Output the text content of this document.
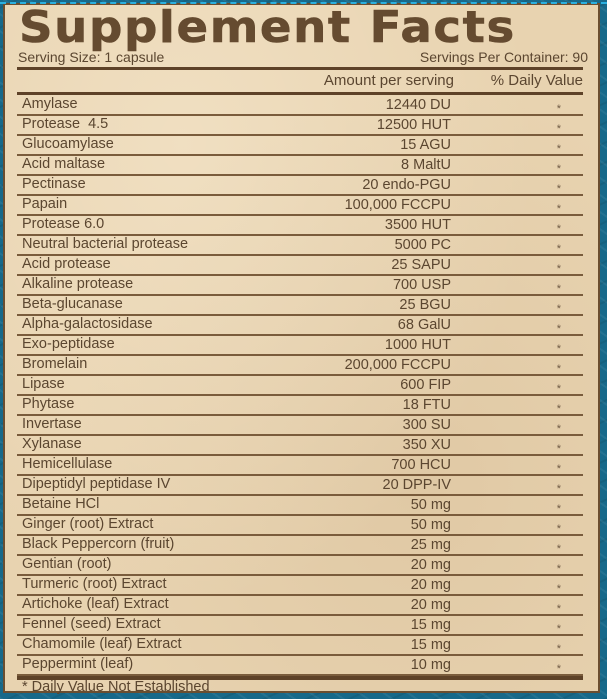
Supplement Facts
Serving Size: 1 capsule	Servings Per Container: 90
Amount per serving % Daily Value
Amylase	12440 DU	*
Protease  4.5	12500 HUT	*
Glucoamylase	15 AGU	*
Acid maltase	8 MaltU	*
Pectinase	20 endo-PGU	*
Papain	100,000 FCCPU	*
Protease 6.0	3500 HUT	*
Neutral bacterial protease	5000 PC	*
Acid protease	25 SAPU	*
Alkaline protease	700 USP	*
Beta-glucanase	25 BGU	*
Alpha-galactosidase	68 GalU	*
Exo-peptidase	1000 HUT	*
Bromelain	200,000 FCCPU	*
Lipase	600 FIP	*
Phytase	18 FTU	*
Invertase	300 SU	*
Xylanase	350 XU	*
Hemicellulase	700 HCU	*
Dipeptidyl peptidase IV	20 DPP-IV	*
Betaine HCl	50 mg	*
Ginger (root) Extract	50 mg	*
Black Peppercorn (fruit)	25 mg	*
Gentian (root)	20 mg	*
Turmeric (root) Extract	20 mg	*
Artichoke (leaf) Extract	20 mg	*
Fennel (seed) Extract	15 mg	*
Chamomile (leaf) Extract	15 mg	*
Peppermint (leaf)	10 mg	*
* Daily Value Not Established
